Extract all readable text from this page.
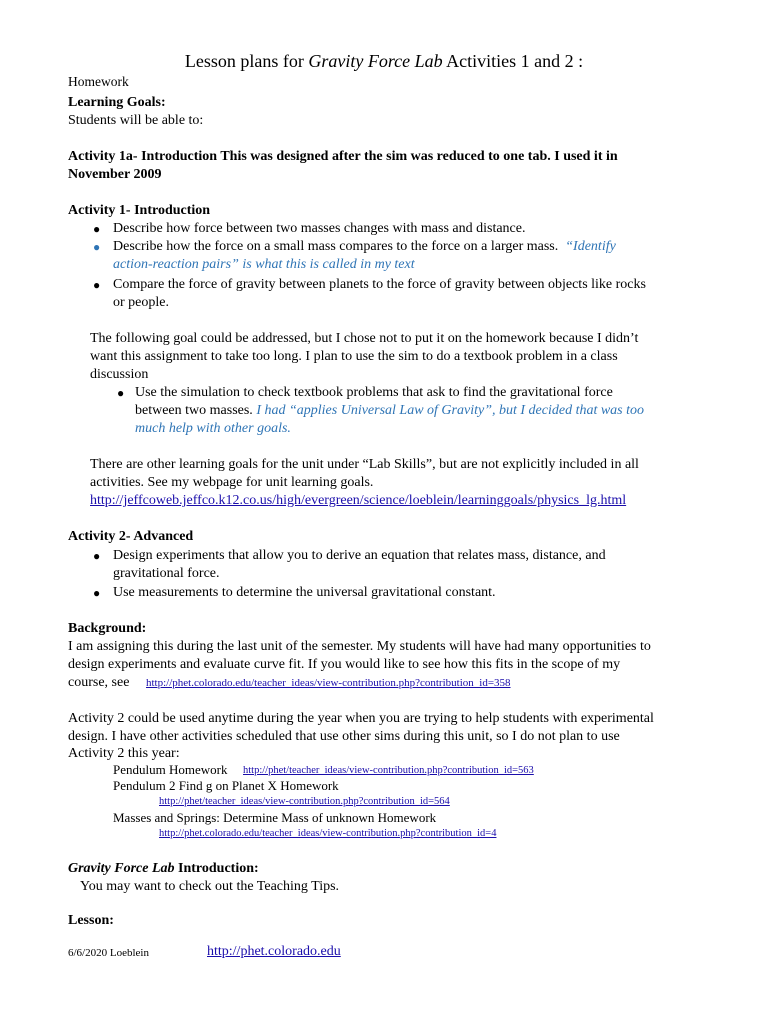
Lesson plans for Gravity Force Lab Activities 1 and 2 :
Homework
Learning Goals:
Students will be able to:
Activity 1a- Introduction This was designed after the sim was reduced to one tab. I used it in
November 2009
Activity 1- Introduction
● Describe how force between two masses changes with mass and distance.
● Describe how the force on a small mass compares to the force on a larger mass. “Identify
action-reaction pairs” is what this is called in my text
● Compare the force of gravity between planets to the force of gravity between objects like rocks
or people.
The following goal could be addressed, but I chose not to put it on the homework because I didn’t
want this assignment to take too long. I plan to use the sim to do a textbook problem in a class
discussion
● Use the simulation to check textbook problems that ask to find the gravitational force
between two masses. I had “applies Universal Law of Gravity”, but I decided that was too
much help with other goals.
There are other learning goals for the unit under “Lab Skills”, but are not explicitly included in all
activities. See my webpage for unit learning goals.
http://jeffcoweb.jeffco.k12.co.us/high/evergreen/science/loeblein/learninggoals/physics_lg.html
Activity 2- Advanced
● Design experiments that allow you to derive an equation that relates mass, distance, and
gravitational force.
● Use measurements to determine the universal gravitational constant.
Background:
I am assigning this during the last unit of the semester. My students will have had many opportunities to
design experiments and evaluate curve fit. If you would like to see how this fits in the scope of my
course, see http://phet.colorado.edu/teacher_ideas/view-contribution.php?contribution_id=358
Activity 2 could be used anytime during the year when you are trying to help students with experimental
design. I have other activities scheduled that use other sims during this unit, so I do not plan to use
Activity 2 this year:
Pendulum Homework http://phet/teacher_ideas/view-contribution.php?contribution_id=563
Pendulum 2 Find g on Planet X Homework
http://phet/teacher_ideas/view-contribution.php?contribution_id=564
Masses and Springs: Determine Mass of unknown Homework
http://phet.colorado.edu/teacher_ideas/view-contribution.php?contribution_id=4
Gravity Force Lab Introduction:
You may want to check out the Teaching Tips.
Lesson:
6/6/2020 Loeblein	http://phet.colorado.edu
